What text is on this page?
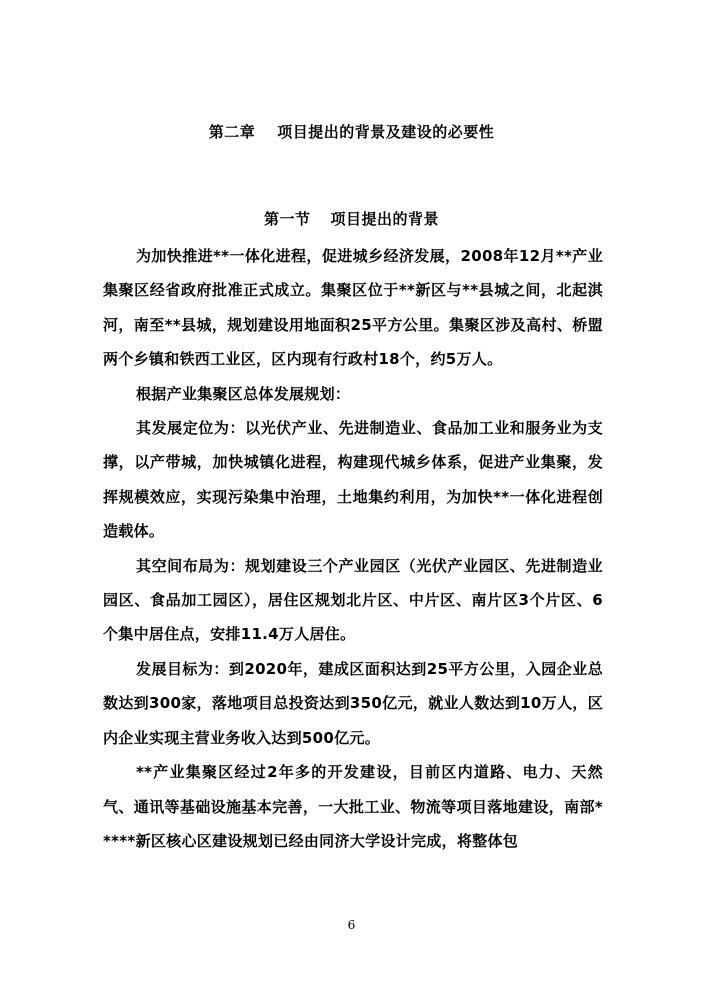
第二章 项目提出的背景及建设的必要性
第一节 项目提出的背景

为加快推进**一体化进程，促进城乡经济发展，2008年12月**产业集聚区经省政府批准正式成立。集聚区位于**新区与**县城之间，北起淇河，南至**县城，规划建设用地面积25平方公里。集聚区涉及高村、桥盟两个乡镇和铁西工业区，区内现有行政村18个，约5万人。

根据产业集聚区总体发展规划：

其发展定位为：以光伏产业、先进制造业、食品加工业和服务业为支撑，以产带城，加快城镇化进程，构建现代城乡体系，促进产业集聚，发挥规模效应，实现污染集中治理，土地集约利用，为加快**一体化进程创造载体。

其空间布局为：规划建设三个产业园区（光伏产业园区、先进制造业园区、食品加工园区），居住区规划北片区、中片区、南片区3个片区、6个集中居住点，安排11.4万人居住。

发展目标为：到2020年，建成区面积达到25平方公里，入园企业总数达到300家，落地项目总投资达到350亿元，就业人数达到10万人，区内企业实现主营业务收入达到500亿元。

**产业集聚区经过2年多的开发建设，目前区内道路、电力、天然气、通讯等基础设施基本完善，一大批工业、物流等项目落地建设，南部*****新区核心区建设规划已经由同济大学设计完成，将整体包

6
